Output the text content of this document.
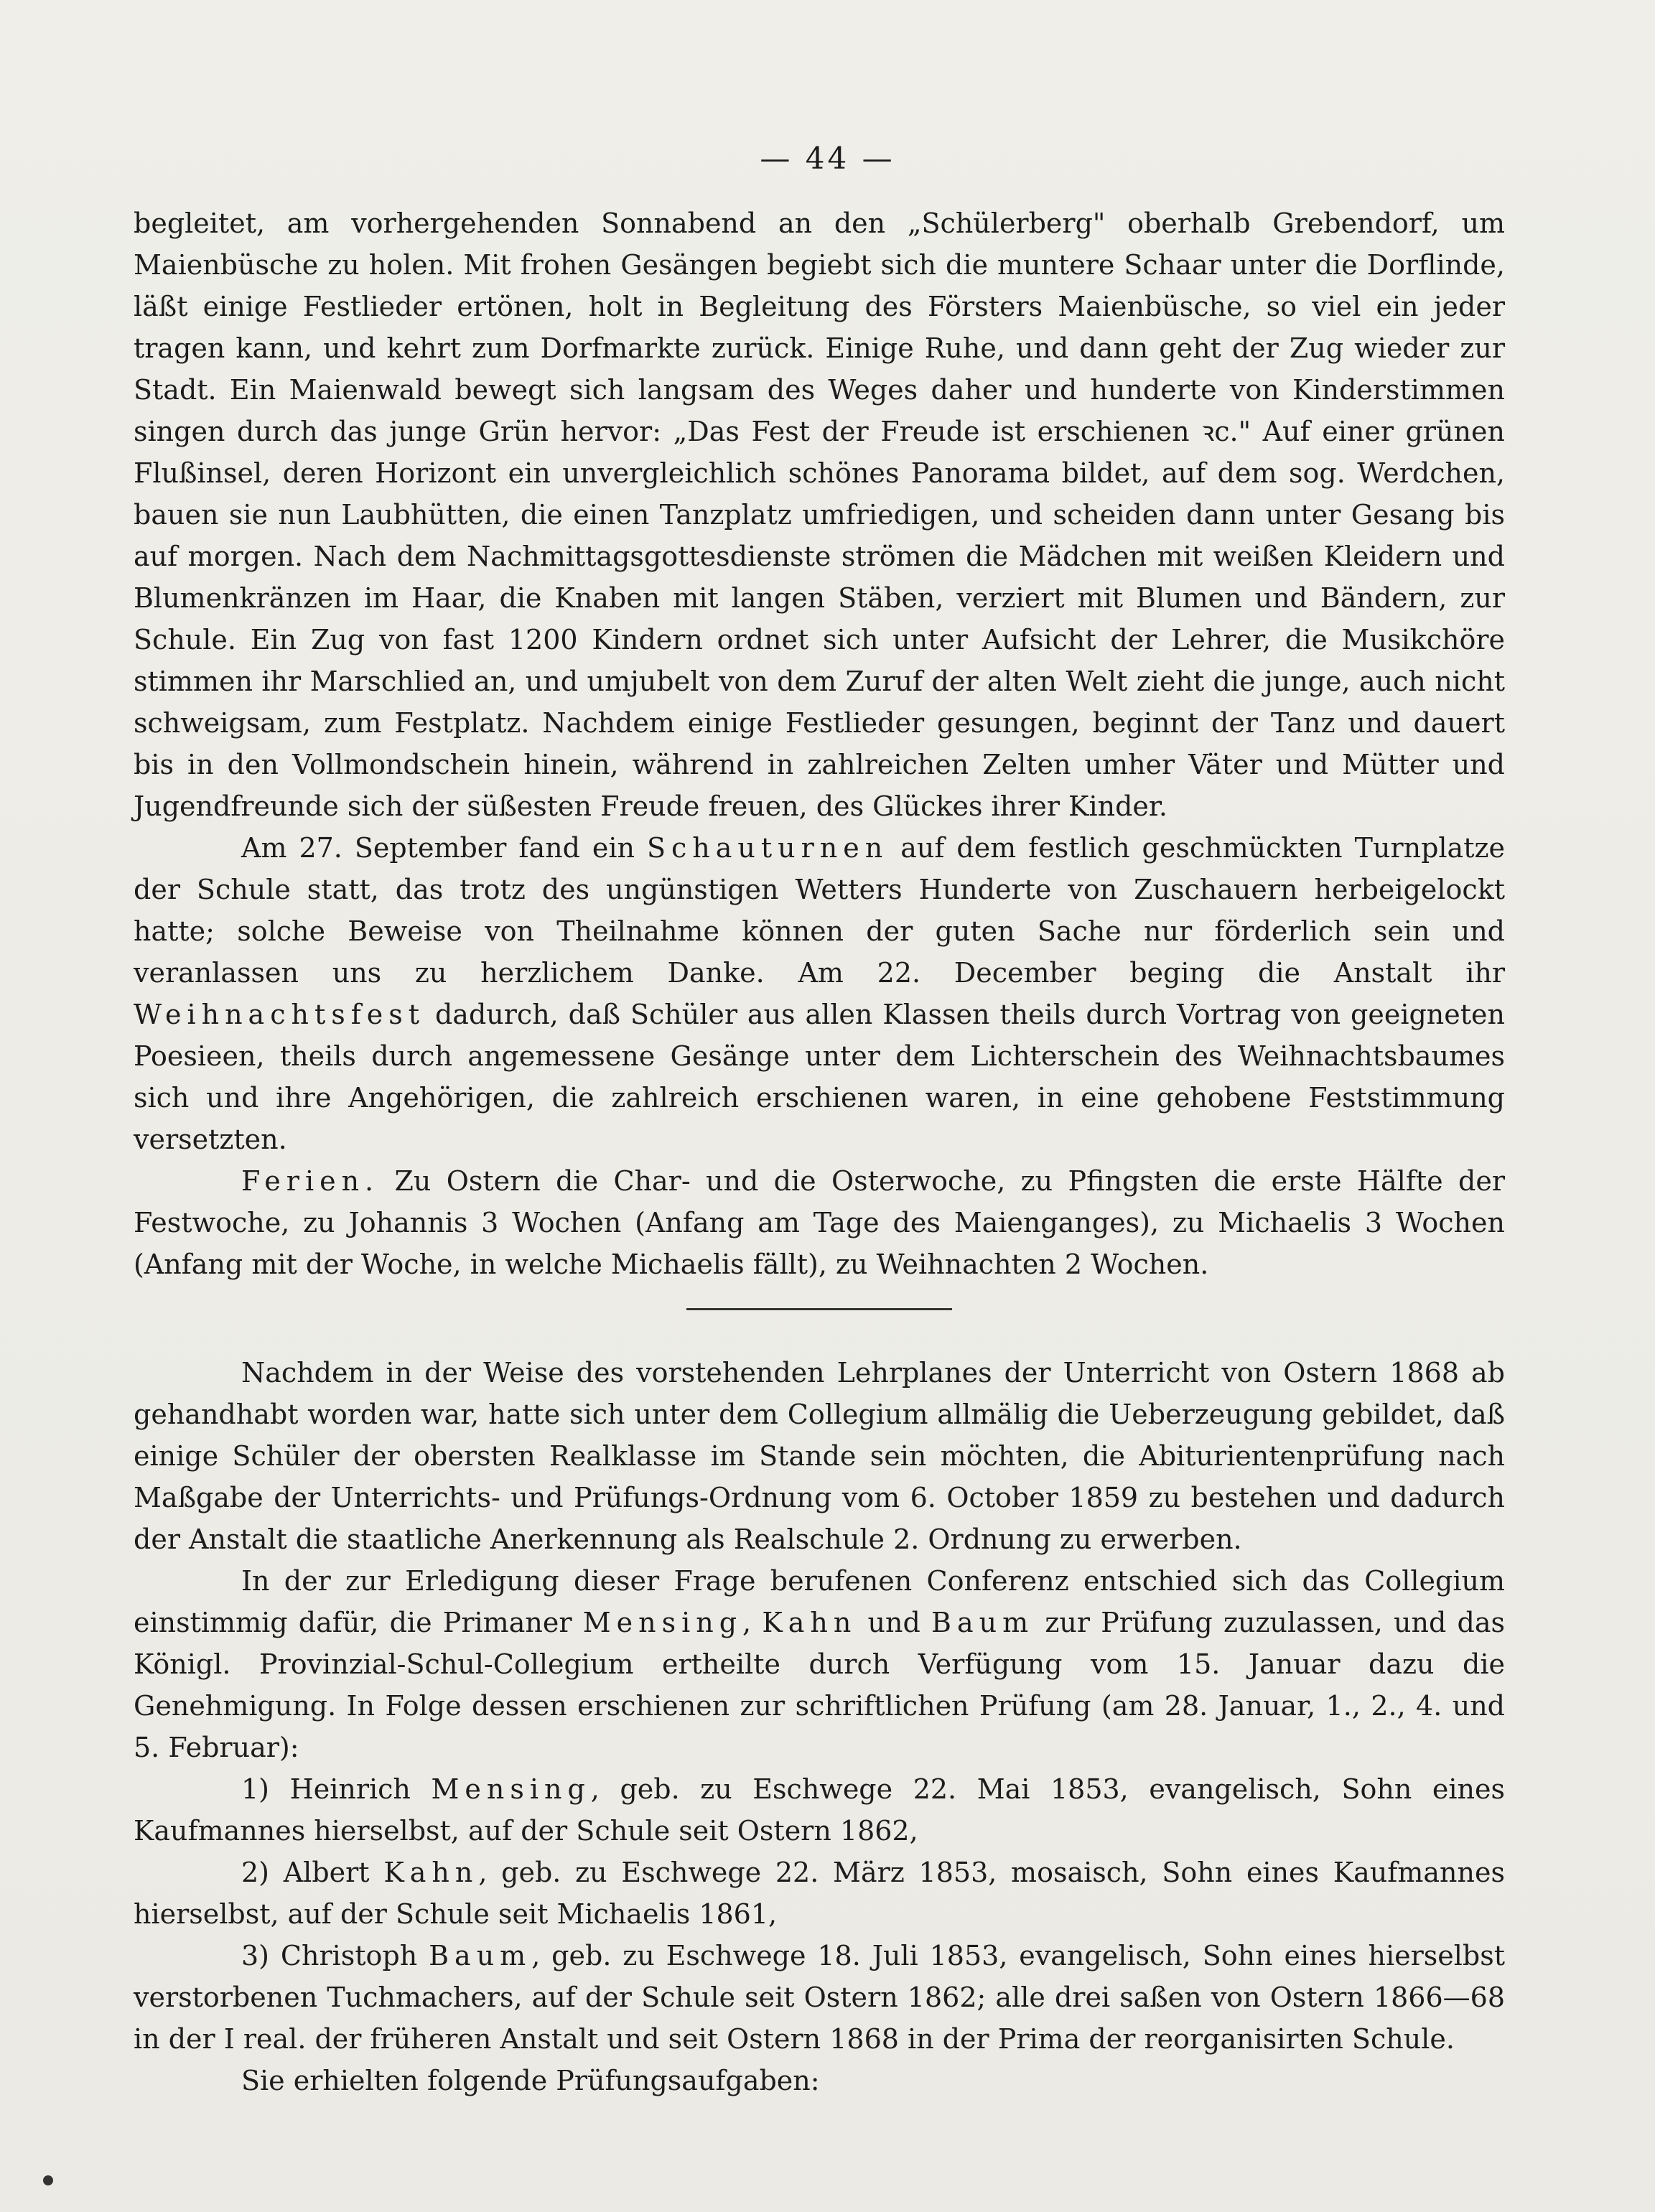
— 44 —

begleitet, am vorhergehenden Sonnabend an den „Schülerberg" oberhalb Grebendorf, um Maienbüsche zu holen. Mit frohen Gesängen begiebt sich die muntere Schaar unter die Dorflinde, läßt einige Festlieder ertönen, holt in Begleitung des Försters Maienbüsche, so viel ein jeder tragen kann, und kehrt zum Dorfmarkte zurück. Einige Ruhe, und dann geht der Zug wieder zur Stadt. Ein Maienwald bewegt sich langsam des Weges daher und hunderte von Kinderstimmen singen durch das junge Grün hervor: „Das Fest der Freude ist erschienen ꝛc." Auf einer grünen Flußinsel, deren Horizont ein unvergleichlich schönes Panorama bildet, auf dem sog. Werdchen, bauen sie nun Laubhütten, die einen Tanzplatz umfriedigen, und scheiden dann unter Gesang bis auf morgen. Nach dem Nachmittagsgottesdienste strömen die Mädchen mit weißen Kleidern und Blumenkränzen im Haar, die Knaben mit langen Stäben, verziert mit Blumen und Bändern, zur Schule. Ein Zug von fast 1200 Kindern ordnet sich unter Aufsicht der Lehrer, die Musikchöre stimmen ihr Marschlied an, und umjubelt von dem Zuruf der alten Welt zieht die junge, auch nicht schweigsam, zum Festplatz. Nachdem einige Festlieder gesungen, beginnt der Tanz und dauert bis in den Vollmondschein hinein, während in zahlreichen Zelten umher Väter und Mütter und Jugendfreunde sich der süßesten Freude freuen, des Glückes ihrer Kinder.

Am 27. September fand ein Schauturnen auf dem festlich geschmückten Turnplatze der Schule statt, das trotz des ungünstigen Wetters Hunderte von Zuschauern herbeigelockt hatte; solche Beweise von Theilnahme können der guten Sache nur förderlich sein und veranlassen uns zu herzlichem Danke. Am 22. December beging die Anstalt ihr Weihnachtsfest dadurch, daß Schüler aus allen Klassen theils durch Vortrag von geeigneten Poesieen, theils durch angemessene Gesänge unter dem Lichterschein des Weihnachtsbaumes sich und ihre Angehörigen, die zahlreich erschienen waren, in eine gehobene Feststimmung versetzten.

Ferien. Zu Ostern die Char- und die Osterwoche, zu Pfingsten die erste Hälfte der Festwoche, zu Johannis 3 Wochen (Anfang am Tage des Maienganges), zu Michaelis 3 Wochen (Anfang mit der Woche, in welche Michaelis fällt), zu Weihnachten 2 Wochen.

Nachdem in der Weise des vorstehenden Lehrplanes der Unterricht von Ostern 1868 ab gehandhabt worden war, hatte sich unter dem Collegium allmälig die Ueberzeugung gebildet, daß einige Schüler der obersten Realklasse im Stande sein möchten, die Abiturientenprüfung nach Maßgabe der Unterrichts- und Prüfungs-Ordnung vom 6. October 1859 zu bestehen und dadurch der Anstalt die staatliche Anerkennung als Realschule 2. Ordnung zu erwerben.

In der zur Erledigung dieser Frage berufenen Conferenz entschied sich das Collegium einstimmig dafür, die Primaner Mensing, Kahn und Baum zur Prüfung zuzulassen, und das Königl. Provinzial-Schul-Collegium ertheilte durch Verfügung vom 15. Januar dazu die Genehmigung. In Folge dessen erschienen zur schriftlichen Prüfung (am 28. Januar, 1., 2., 4. und 5. Februar):

1) Heinrich Mensing, geb. zu Eschwege 22. Mai 1853, evangelisch, Sohn eines Kaufmannes hierselbst, auf der Schule seit Ostern 1862,

2) Albert Kahn, geb. zu Eschwege 22. März 1853, mosaisch, Sohn eines Kaufmannes hierselbst, auf der Schule seit Michaelis 1861,

3) Christoph Baum, geb. zu Eschwege 18. Juli 1853, evangelisch, Sohn eines hierselbst verstorbenen Tuchmachers, auf der Schule seit Ostern 1862; alle drei saßen von Ostern 1866—68 in der I real. der früheren Anstalt und seit Ostern 1868 in der Prima der reorganisirten Schule.

Sie erhielten folgende Prüfungsaufgaben:
